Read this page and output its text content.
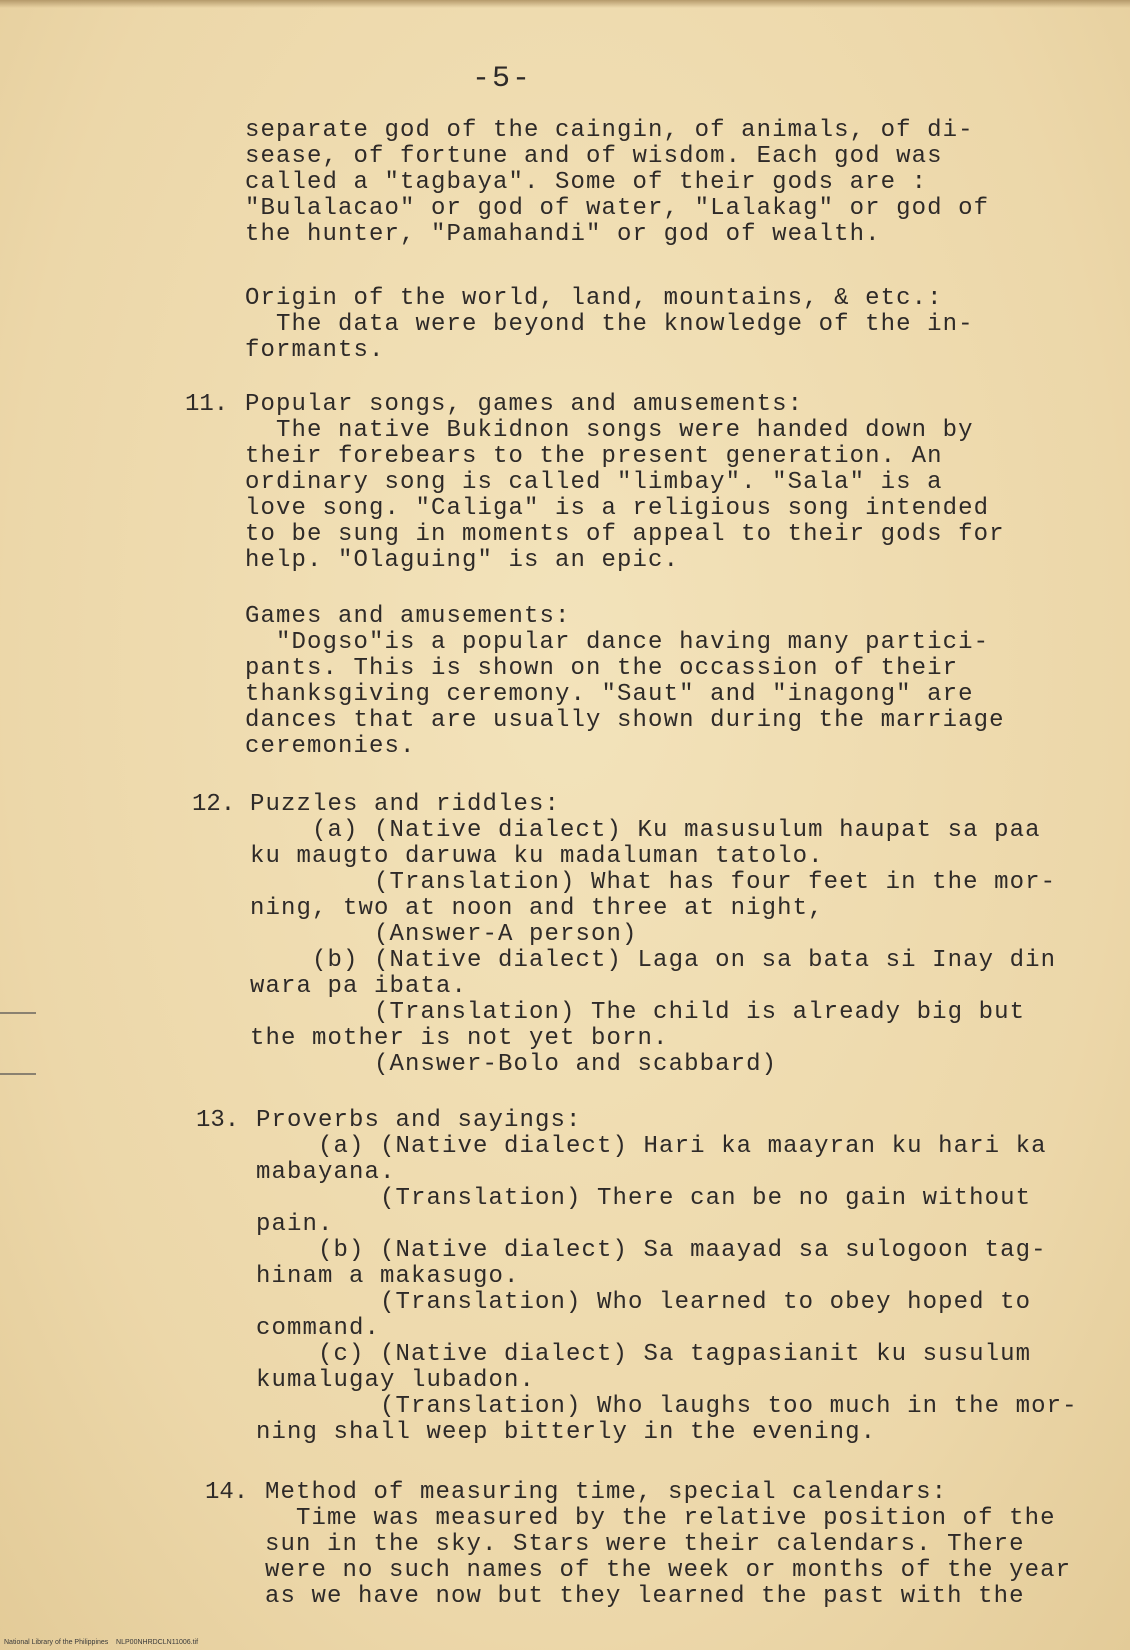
-5-
separate god of the caingin, of animals, of di-
sease, of fortune and of wisdom. Each god was
called a "tagbaya". Some of their gods are :
"Bulalacao" or god of water, "Lalakag" or god of
the hunter, "Pamahandi" or god of wealth.
Origin of the world, land, mountains, & etc.:
The data were beyond the knowledge of the in-
formants.
11. Popular songs, games and amusements:
The native Bukidnon songs were handed down by
their forebears to the present generation. An
ordinary song is called "limbay". "Sala" is a
love song. "Caliga" is a religious song intended
to be sung in moments of appeal to their gods for
help. "Olaguing" is an epic.
Games and amusements:
"Dogso"is a popular dance having many partici-
pants. This is shown on the occassion of their
thanksgiving ceremony. "Saut" and "inagong" are
dances that are usually shown during the marriage
ceremonies.
12. Puzzles and riddles:
(a) (Native dialect) Ku masusulum haupat sa paa
ku maugto daruwa ku madaluman tatolo.
(Translation) What has four feet in the mor-
ning, two at noon and three at night,
(Answer-A person)
(b) (Native dialect) Laga on sa bata si Inay din
wara pa ibata.
(Translation) The child is already big but
the mother is not yet born.
(Answer-Bolo and scabbard)
13. Proverbs and sayings:
(a) (Native dialect) Hari ka maayran ku hari ka
mabayana.
(Translation) There can be no gain without
pain.
(b) (Native dialect) Sa maayad sa sulogoon tag-
hinam a makasugo.
(Translation) Who learned to obey hoped to
command.
(c) (Native dialect) Sa tagpasianit ku susulum
kumalugay lubadon.
(Translation) Who laughs too much in the mor-
ning shall weep bitterly in the evening.
14. Method of measuring time, special calendars:
Time was measured by the relative position of the
sun in the sky. Stars were their calendars. There
were no such names of the week or months of the year
as we have now but they learned the past with the
National Library of the Philippines    NLP00NHRDCLN11006.tif
